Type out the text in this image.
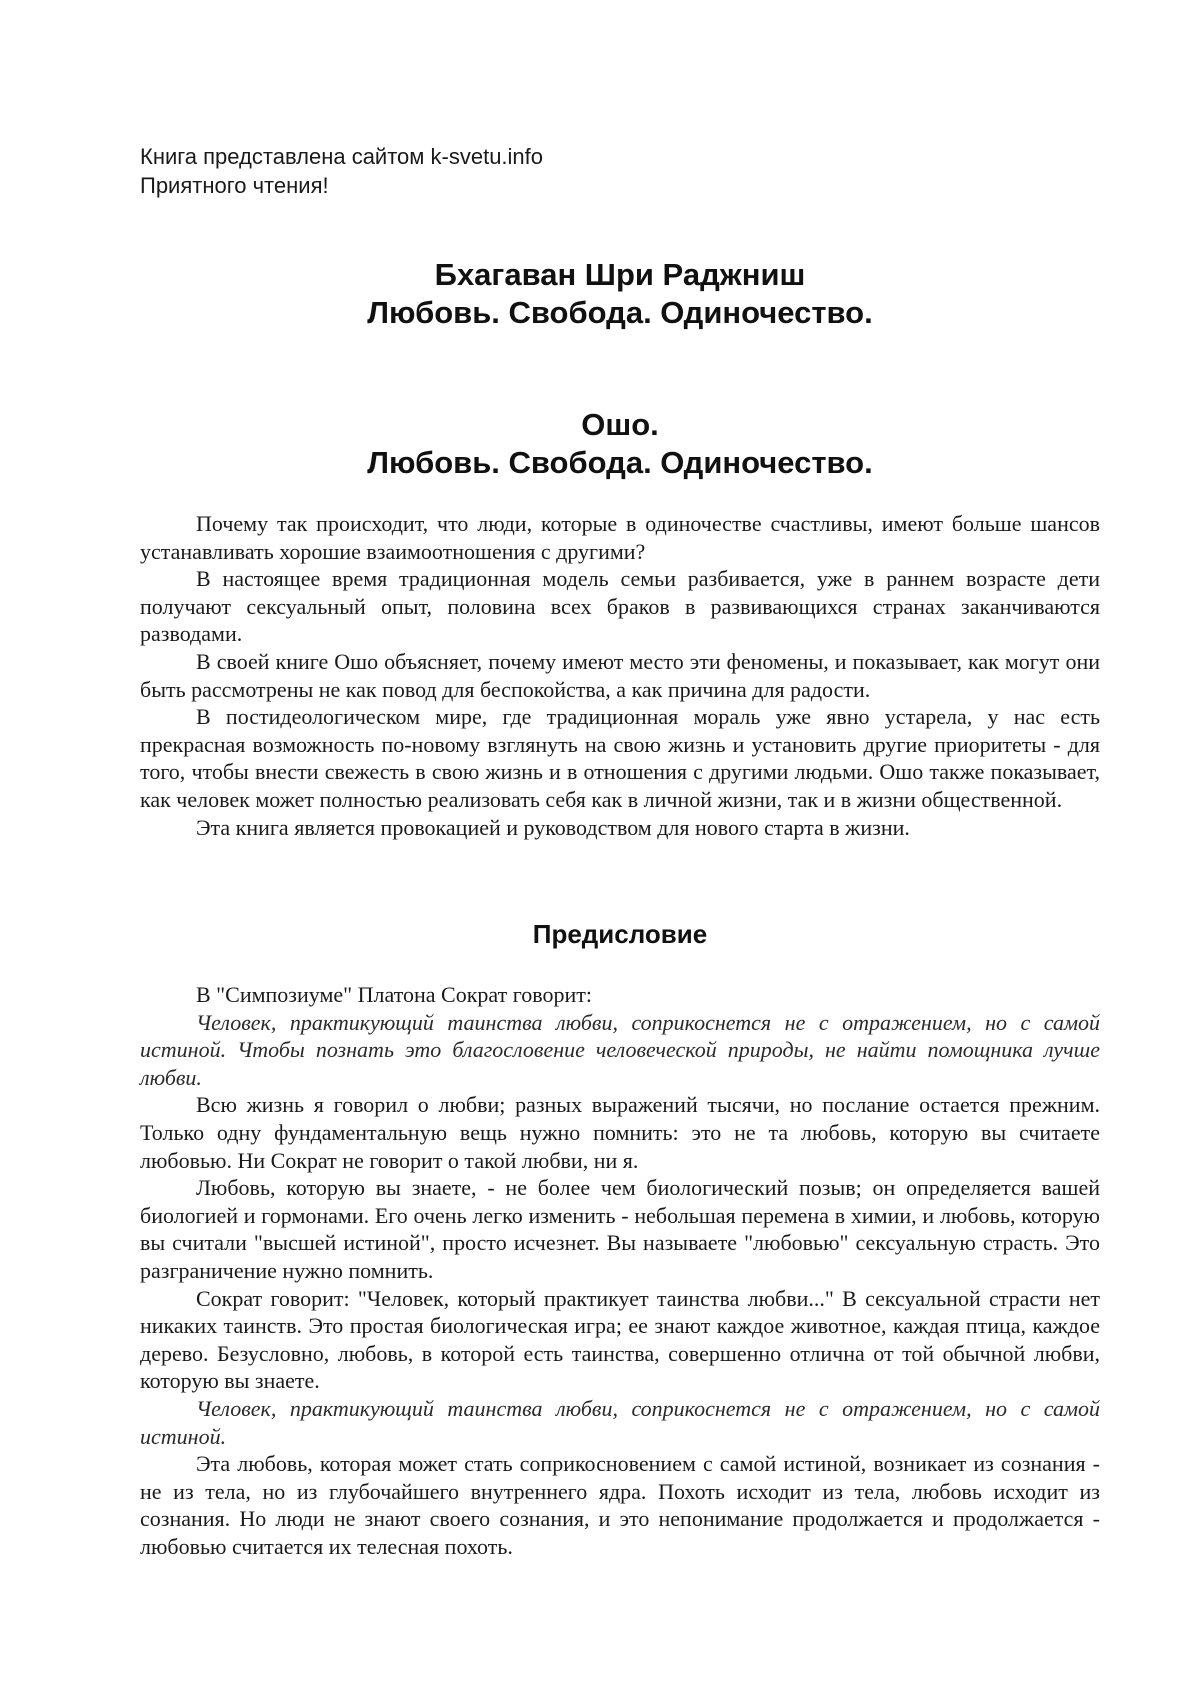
Книга представлена сайтом k-svetu.info
Приятного чтения!
Бхагаван Шри Раджниш
Любовь. Свобода. Одиночество.
Ошо.
Любовь. Свобода. Одиночество.

Почему так происходит, что люди, которые в одиночестве счастливы, имеют больше шансов устанавливать хорошие взаимоотношения с другими?

В настоящее время традиционная модель семьи разбивается, уже в раннем возрасте дети получают сексуальный опыт, половина всех браков в развивающихся странах заканчиваются разводами.

В своей книге Ошо объясняет, почему имеют место эти феномены, и показывает, как могут они быть рассмотрены не как повод для беспокойства, а как причина для радости.

В постидеологическом мире, где традиционная мораль уже явно устарела, у нас есть прекрасная возможность по-новому взглянуть на свою жизнь и установить другие приоритеты - для того, чтобы внести свежесть в свою жизнь и в отношения с другими людьми. Ошо также показывает, как человек может полностью реализовать себя как в личной жизни, так и в жизни общественной.

Эта книга является провокацией и руководством для нового старта в жизни.

Предисловие

В "Симпозиуме" Платона Сократ говорит:

Человек, практикующий таинства любви, соприкоснется не с отражением, но с самой истиной. Чтобы познать это благословение человеческой природы, не найти помощника лучше любви.

Всю жизнь я говорил о любви; разных выражений тысячи, но послание остается прежним. Только одну фундаментальную вещь нужно помнить: это не та любовь, которую вы считаете любовью. Ни Сократ не говорит о такой любви, ни я.

Любовь, которую вы знаете, - не более чем биологический позыв; он определяется вашей биологией и гормонами. Его очень легко изменить - небольшая перемена в химии, и любовь, которую вы считали "высшей истиной", просто исчезнет. Вы называете "любовью" сексуальную страсть. Это разграничение нужно помнить.

Сократ говорит: "Человек, который практикует таинства любви..." В сексуальной страсти нет никаких таинств. Это простая биологическая игра; ее знают каждое животное, каждая птица, каждое дерево. Безусловно, любовь, в которой есть таинства, совершенно отлична от той обычной любви, которую вы знаете.

Человек, практикующий таинства любви, соприкоснется не с отражением, но с самой истиной.

Эта любовь, которая может стать соприкосновением с самой истиной, возникает из сознания - не из тела, но из глубочайшего внутреннего ядра. Похоть исходит из тела, любовь исходит из сознания. Но люди не знают своего сознания, и это непонимание продолжается и продолжается - любовью считается их телесная похоть.
